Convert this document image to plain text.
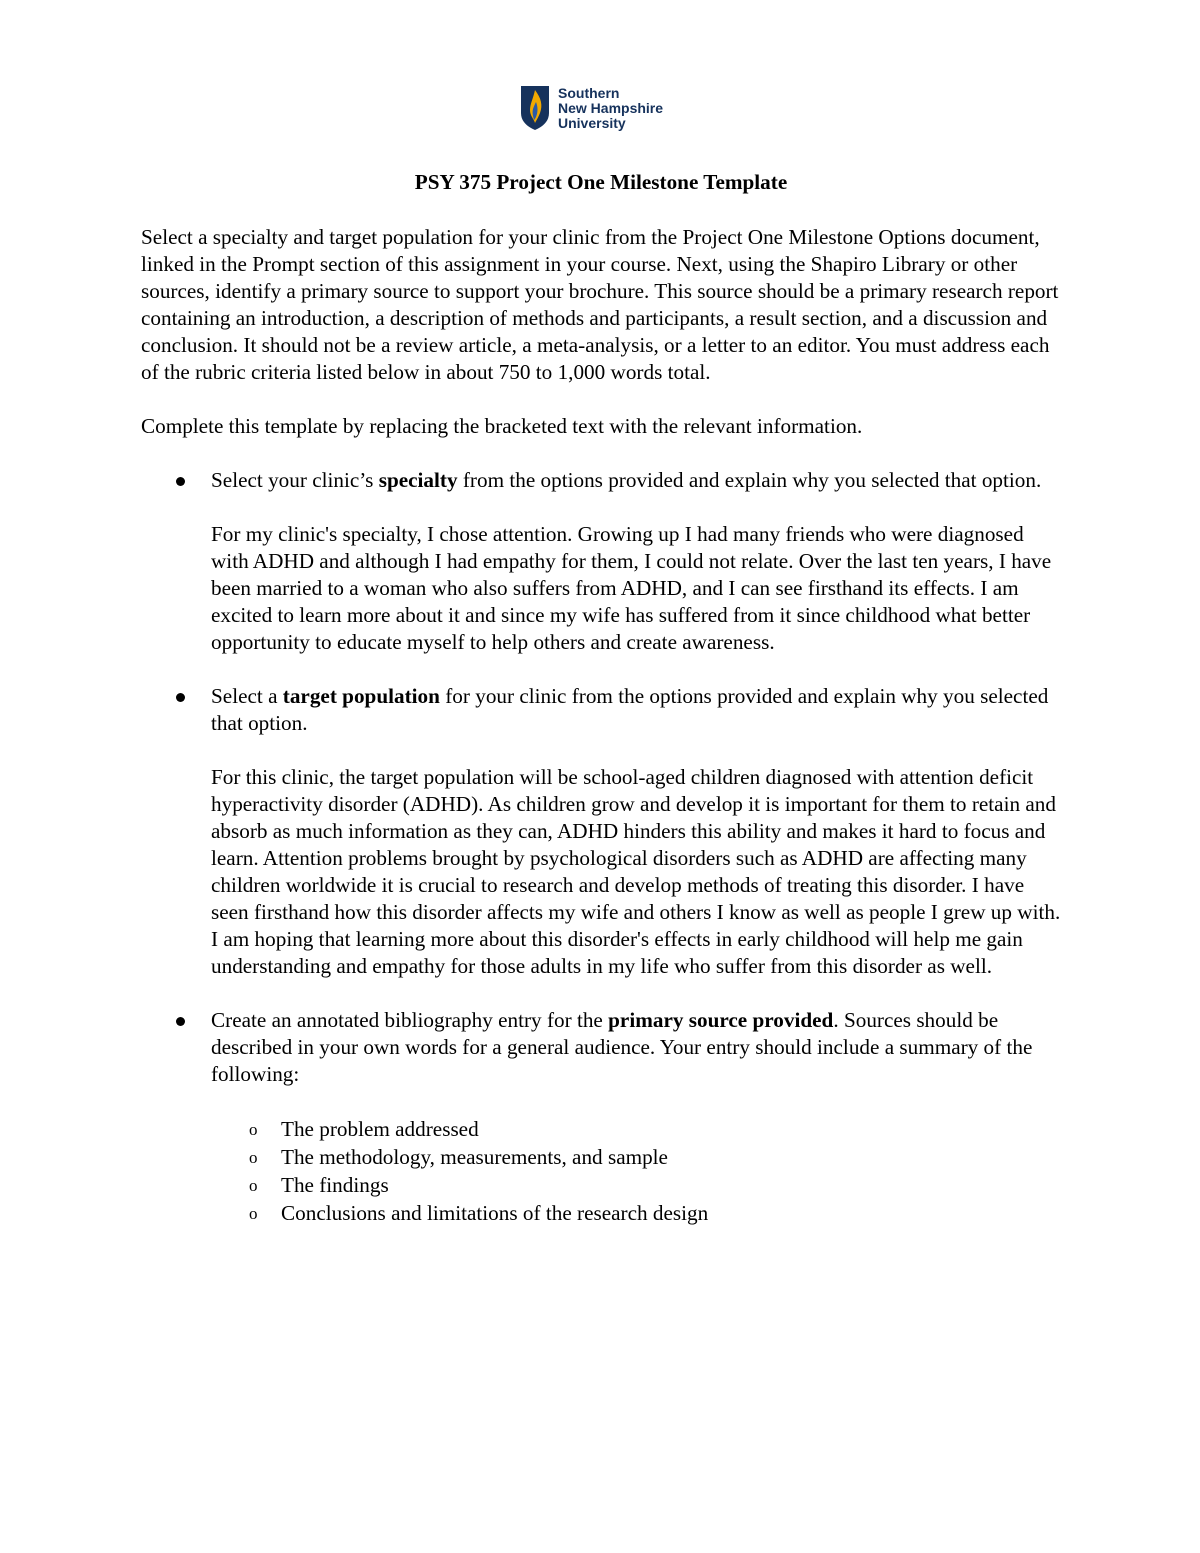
Southern
New Hampshire
University
PSY 375 Project One Milestone Template

Select a specialty and target population for your clinic from the Project One Milestone Options document, linked in the Prompt section of this assignment in your course. Next, using the Shapiro Library or other sources, identify a primary source to support your brochure. This source should be a primary research report containing an introduction, a description of methods and participants, a result section, and a discussion and conclusion. It should not be a review article, a meta-analysis, or a letter to an editor. You must address each of the rubric criteria listed below in about 750 to 1,000 words total.

Complete this template by replacing the bracketed text with the relevant information.

Select your clinic’s specialty from the options provided and explain why you selected that option.

For my clinic's specialty, I chose attention. Growing up I had many friends who were diagnosed with ADHD and although I had empathy for them, I could not relate. Over the last ten years, I have been married to a woman who also suffers from ADHD, and I can see firsthand its effects. I am excited to learn more about it and since my wife has suffered from it since childhood what better opportunity to educate myself to help others and create awareness.

Select a target population for your clinic from the options provided and explain why you selected that option.

For this clinic, the target population will be school-aged children diagnosed with attention deficit hyperactivity disorder (ADHD). As children grow and develop it is important for them to retain and absorb as much information as they can, ADHD hinders this ability and makes it hard to focus and learn. Attention problems brought by psychological disorders such as ADHD are affecting many children worldwide it is crucial to research and develop methods of treating this disorder. I have seen firsthand how this disorder affects my wife and others I know as well as people I grew up with. I am hoping that learning more about this disorder's effects in early childhood will help me gain understanding and empathy for those adults in my life who suffer from this disorder as well.

Create an annotated bibliography entry for the primary source provided. Sources should be described in your own words for a general audience. Your entry should include a summary of the following:

o The problem addressed
o The methodology, measurements, and sample
o The findings
o Conclusions and limitations of the research design
